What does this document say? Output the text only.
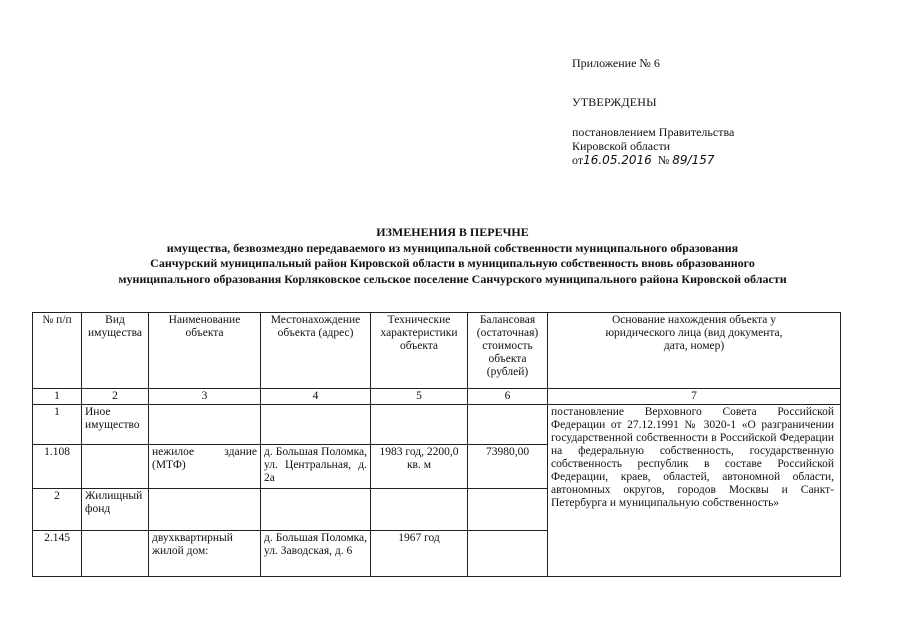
Приложение № 6
УТВЕРЖДЕНЫ
постановлением Правительства
Кировской области
от16.05.2016 № 89/157
ИЗМЕНЕНИЯ В ПЕРЕЧНЕ
имущества, безвозмездно передаваемого из муниципальной собственности муниципального образования
Санчурский муниципальный район Кировской области в муниципальную собственность вновь образованного
муниципального образования Корляковское сельское поселение Санчурского муниципального района Кировской области
№ п/п	Вид имущества	Наименование объекта	Местонахождение объекта (адрес)	Технические характеристики объекта	Балансовая (остаточная) стоимость объекта (рублей)	Основание нахождения объекта у юридического лица (вид документа, дата, номер)
1	2	3	4	5	6	7
1	Иное имущество					постановление Верховного Совета Российской Федерации от 27.12.1991 № 3020-1 «О разграничении государственной собственности в Российской Федерации на федеральную собственность, государственную собственность республик в составе Российской Федерации, краев, областей, автономной области, автономных округов, городов Москвы и Санкт-Петербурга и муниципальную собственность»
1.108		нежилое здание (МТФ)	д. Большая Поломка, ул. Центральная, д. 2а	1983 год, 2200,0 кв. м	73980,00	
2	Жилищный фонд					
2.145		двухквартирный жилой дом:	д. Большая Поломка, ул. Заводская, д. 6	1967 год		
